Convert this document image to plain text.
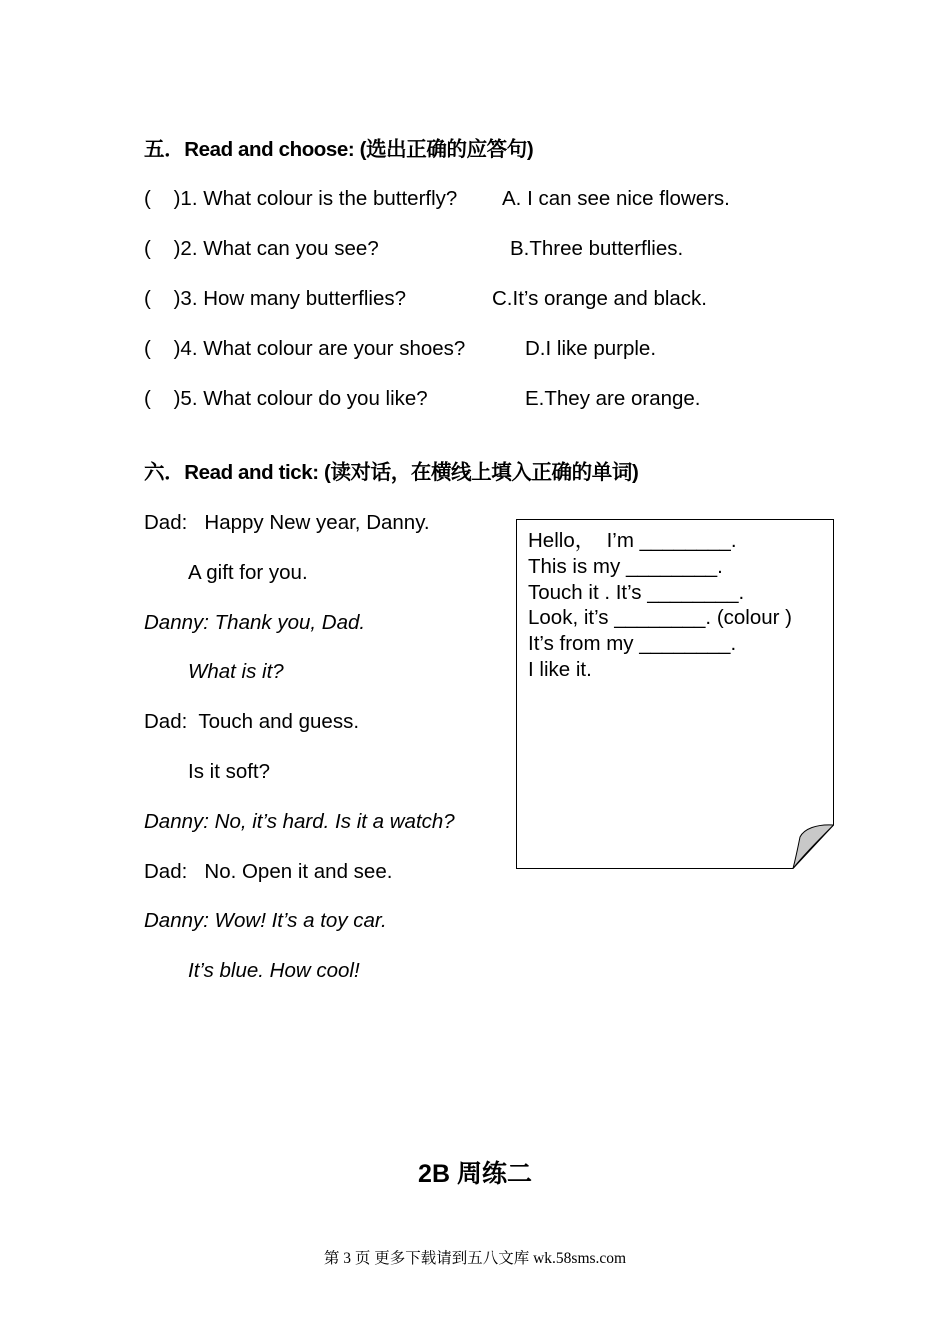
五．Read and choose: (选出正确的应答句)
(    )1. What colour is the butterfly? A. I can see nice flowers.
(    )2. What can you see?	B.Three butterflies.
(    )3. How many butterflies?	C.It’s orange and black.
(    )4. What colour are your shoes?	D.I like purple.
(    )5. What colour do you like?	E.They are orange.
六．Read and tick: (读对话，在横线上填入正确的单词)
Dad:   Happy New year, Danny.
A gift for you.
Danny: Thank you, Dad.
What is it?
Dad:  Touch and guess.
Is it soft?
Danny: No, it’s hard. Is it a watch?
Dad:   No. Open it and see.
Danny: Wow! It’s a toy car.
It’s blue. How cool!
Hello，  I’m ________.
This is my ________.
Touch it . It’s ________.
Look, it’s ________. (colour )
It’s from my ________.
I like it.
2B 周练二
第 3 页 更多下载请到五八文库 wk.58sms.com
